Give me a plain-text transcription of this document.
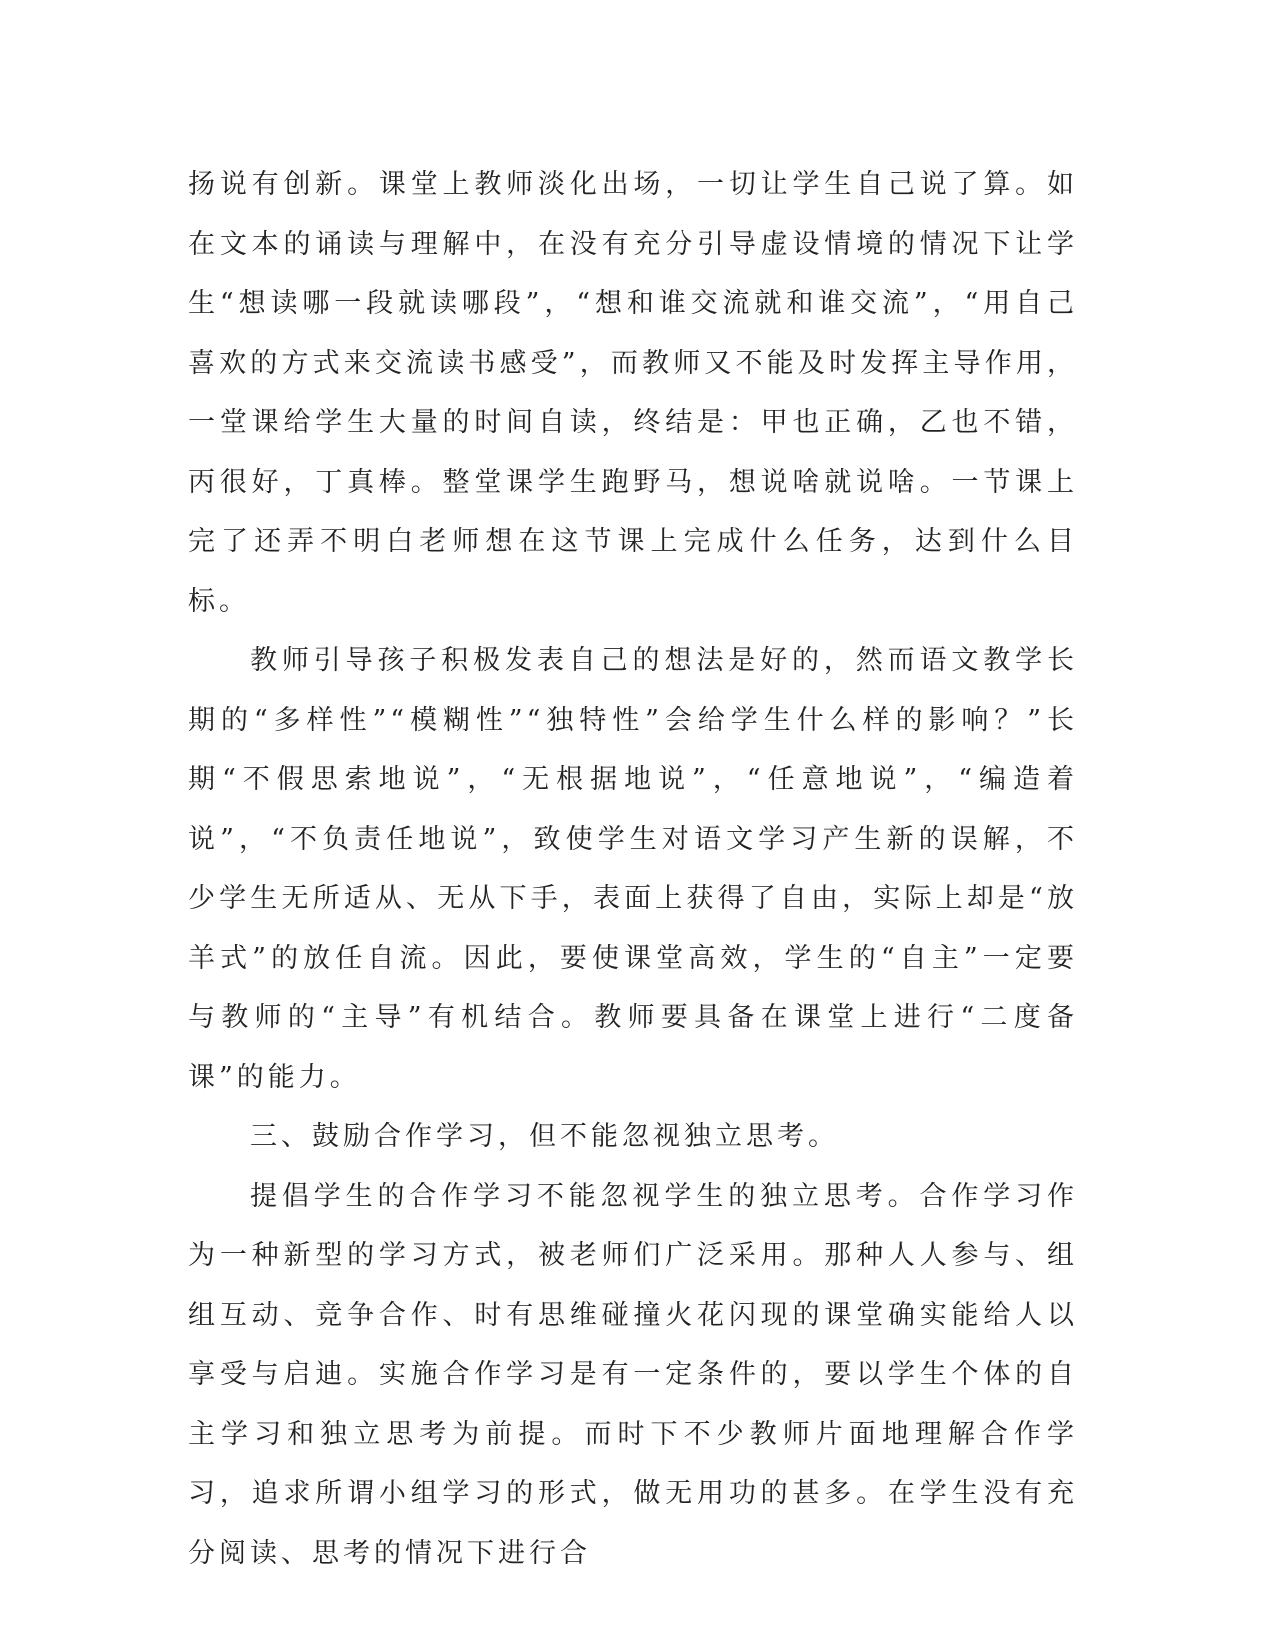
扬说有创新。课堂上教师淡化出场，一切让学生自己说了算。如在文本的诵读与理解中，在没有充分引导虚设情境的情况下让学生“想读哪一段就读哪段”，“想和谁交流就和谁交流”，“用自己喜欢的方式来交流读书感受”，而教师又不能及时发挥主导作用，一堂课给学生大量的时间自读，终结是：甲也正确，乙也不错，丙很好，丁真棒。整堂课学生跑野马，想说啥就说啥。一节课上完了还弄不明白老师想在这节课上完成什么任务，达到什么目标。

教师引导孩子积极发表自己的想法是好的，然而语文教学长期的“多样性”“模糊性”“独特性”会给学生什么样的影响？”长期“不假思索地说”，“无根据地说”，“任意地说”，“编造着说”，“不负责任地说”，致使学生对语文学习产生新的误解，不少学生无所适从、无从下手，表面上获得了自由，实际上却是“放羊式”的放任自流。因此，要使课堂高效，学生的“自主”一定要与教师的“主导”有机结合。教师要具备在课堂上进行“二度备课”的能力。

三、鼓励合作学习，但不能忽视独立思考。

提倡学生的合作学习不能忽视学生的独立思考。合作学习作为一种新型的学习方式，被老师们广泛采用。那种人人参与、组组互动、竞争合作、时有思维碰撞火花闪现的课堂确实能给人以享受与启迪。实施合作学习是有一定条件的，要以学生个体的自主学习和独立思考为前提。而时下不少教师片面地理解合作学习，追求所谓小组学习的形式，做无用功的甚多。在学生没有充分阅读、思考的情况下进行合
